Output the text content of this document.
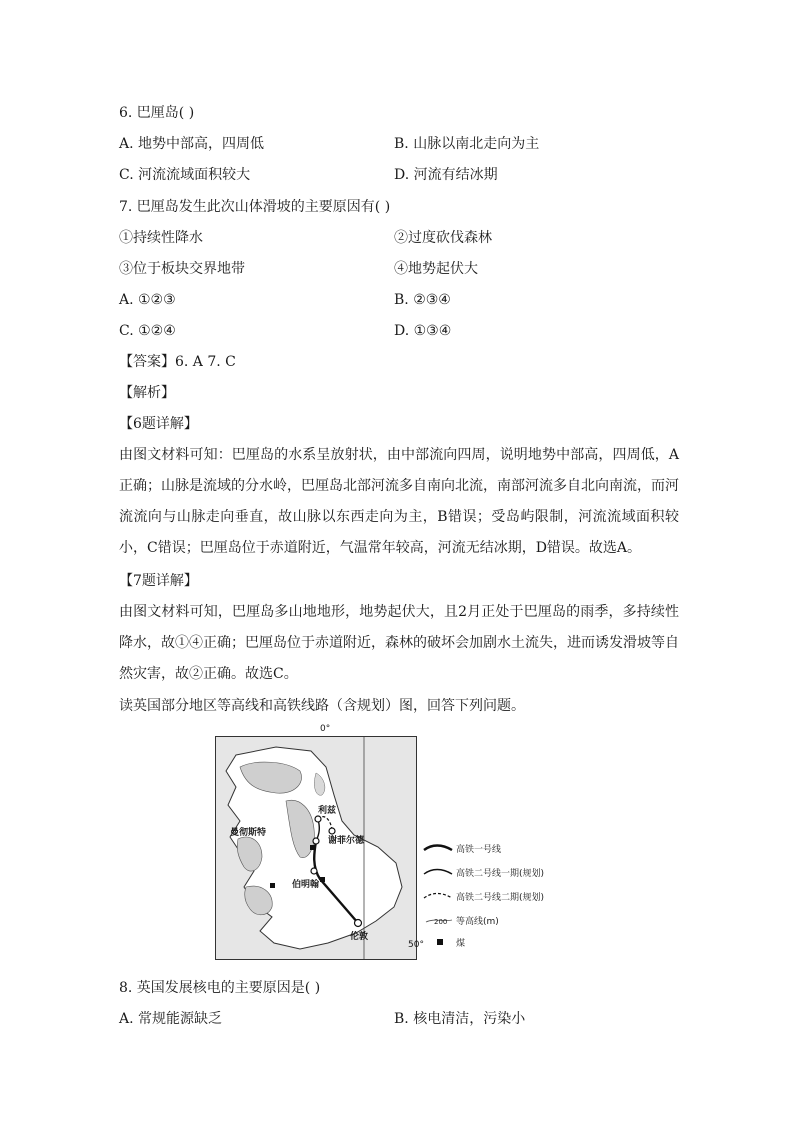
6. 巴厘岛( )
A. 地势中部高，四周低	B. 山脉以南北走向为主
C. 河流流域面积较大	D. 河流有结冰期
7. 巴厘岛发生此次山体滑坡的主要原因有( )
①持续性降水	②过度砍伐森林
③位于板块交界地带	④地势起伏大
A. ①②③	B. ②③④
C. ①②④	D. ①③④
【答案】6. A 7. C
【解析】
【6题详解】
由图文材料可知：巴厘岛的水系呈放射状，由中部流向四周，说明地势中部高，四周低，A正确；山脉是流域的分水岭，巴厘岛北部河流多自南向北流，南部河流多自北向南流，而河流流向与山脉走向垂直，故山脉以东西走向为主，B错误；受岛屿限制，河流流域面积较小，C错误；巴厘岛位于赤道附近，气温常年较高，河流无结冰期，D错误。故选A。
【7题详解】
由图文材料可知，巴厘岛多山地地形，地势起伏大，且2月正处于巴厘岛的雨季，多持续性降水，故①④正确；巴厘岛位于赤道附近，森林的破坏会加剧水土流失，进而诱发滑坡等自然灾害，故②正确。故选C。
读英国部分地区等高线和高铁线路（含规划）图，回答下列问题。
0°
利兹
曼彻斯特
谢菲尔德
伯明翰
伦敦
50°
高铁一号线
高铁二号线一期(规划)
高铁二号线二期(规划)
200 等高线(m)
煤
8. 英国发展核电的主要原因是( )
A. 常规能源缺乏	B. 核电清洁，污染小
